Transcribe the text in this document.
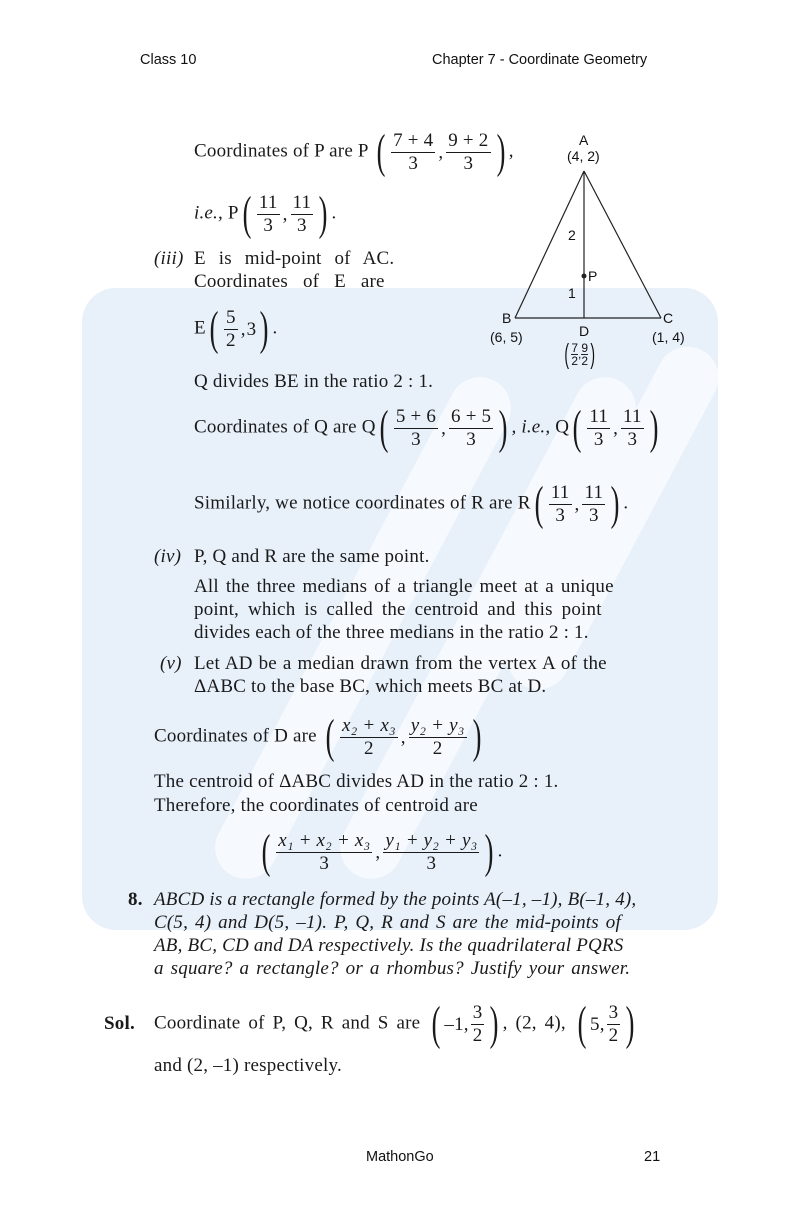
Class 10	Chapter 7 - Coordinate Geometry
Coordinates of P are P ( $\frac{7 + 4}{3}$ , $\frac{9 + 2}{3}$ ) ,
i.e., P ( $\frac{11}{3}$ , $\frac{11}{3}$ ) .
(iii) E is mid-point of AC.
Coordinates of E are
E ( $\frac{5}{2}$ , 3 ) .
Q divides BE in the ratio 2 : 1.
Coordinates of Q are Q ( $\frac{5 + 6}{3}$ , $\frac{6 + 5}{3}$ ) , i.e., Q ( $\frac{11}{3}$ , $\frac{11}{3}$ )
Similarly, we notice coordinates of R are R ( $\frac{11}{3}$ , $\frac{11}{3}$ ) .
(iv) P, Q and R are the same point.
All the three medians of a triangle meet at a unique
point, which is called the centroid and this point
divides each of the three medians in the ratio 2 : 1.
(v) Let AD be a median drawn from the vertex A of the
ΔABC to the base BC, which meets BC at D.
Coordinates of D are ( $\frac{\text{x₂ + x₃}}{2}$ , $\frac{\text{y₂ + y₃}}{2}$ )
The centroid of ΔABC divides AD in the ratio 2 : 1.
Therefore, the coordinates of centroid are
( $\frac{\text{x₁ + x₂ + x₃}}{3}$ , $\frac{\text{y₁ + y₂ + y₃}}{3}$ ) .
8. ABCD is a rectangle formed by the points A(–1, –1), B(–1, 4),
C(5, 4) and D(5, –1). P, Q, R and S are the mid-points of
AB, BC, CD and DA respectively. Is the quadrilateral PQRS
a square? a rectangle? or a rhombus? Justify your answer.
Sol. Coordinate of P, Q, R and S are ( –1, $\frac{3}{2}$ ) , (2, 4), ( 5, $\frac{3}{2}$ )
and (2, –1) respectively.
A
(4, 2)
2
P
1
B
(6, 5)
C
(1, 4)
D
( 7
2 , 9
2 )
MathonGo	21
